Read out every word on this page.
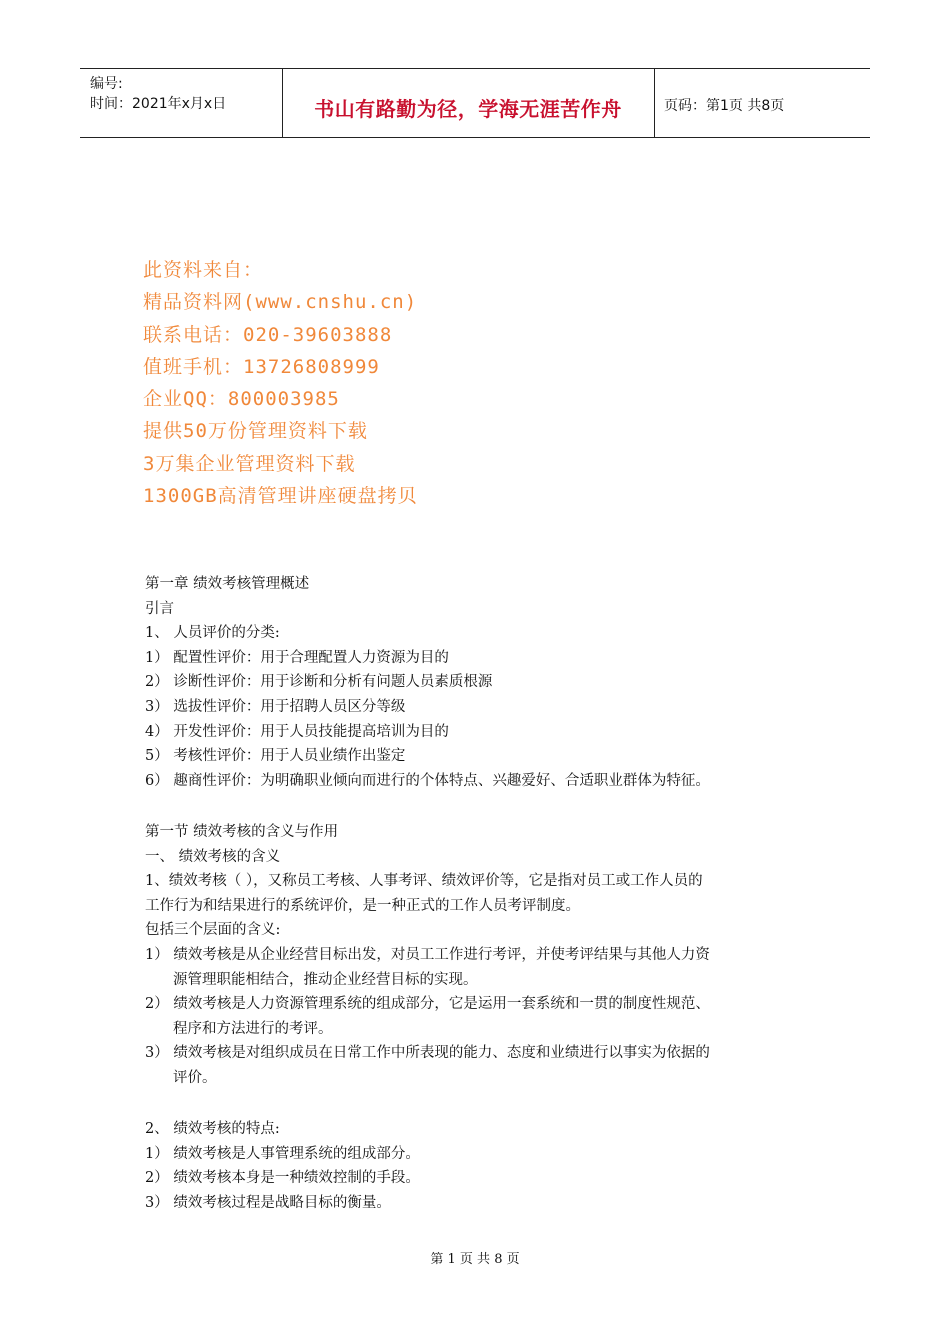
编号:
时间：2021年x月x日	书山有路勤为径，学海无涯苦作舟	页码：第1页 共8页
此资料来自：
精品资料网(www.cnshu.cn)
联系电话：020-39603888
值班手机：13726808999
企业QQ：800003985
提供50万份管理资料下载
3万集企业管理资料下载
1300GB高清管理讲座硬盘拷贝
第一章 绩效考核管理概述
引言
1、 人员评价的分类:
1） 配置性评价：用于合理配置人力资源为目的
2） 诊断性评价：用于诊断和分析有问题人员素质根源
3） 选拔性评价：用于招聘人员区分等级
4） 开发性评价：用于人员技能提高培训为目的
5） 考核性评价：用于人员业绩作出鉴定
6） 趣商性评价：为明确职业倾向而进行的个体特点、兴趣爱好、合适职业群体为特征。
第一节 绩效考核的含义与作用
一、 绩效考核的含义
1、绩效考核（ ），又称员工考核、人事考评、绩效评价等，它是指对员工或工作人员的
工作行为和结果进行的系统评价，是一种正式的工作人员考评制度。
包括三个层面的含义:
1） 绩效考核是从企业经营目标出发，对员工工作进行考评，并使考评结果与其他人力资
源管理职能相结合，推动企业经营目标的实现。
2） 绩效考核是人力资源管理系统的组成部分，它是运用一套系统和一贯的制度性规范、
程序和方法进行的考评。
3） 绩效考核是对组织成员在日常工作中所表现的能力、态度和业绩进行以事实为依据的
评价。
2、 绩效考核的特点:
1） 绩效考核是人事管理系统的组成部分。
2） 绩效考核本身是一种绩效控制的手段。
3） 绩效考核过程是战略目标的衡量。
第 1 页 共 8 页
